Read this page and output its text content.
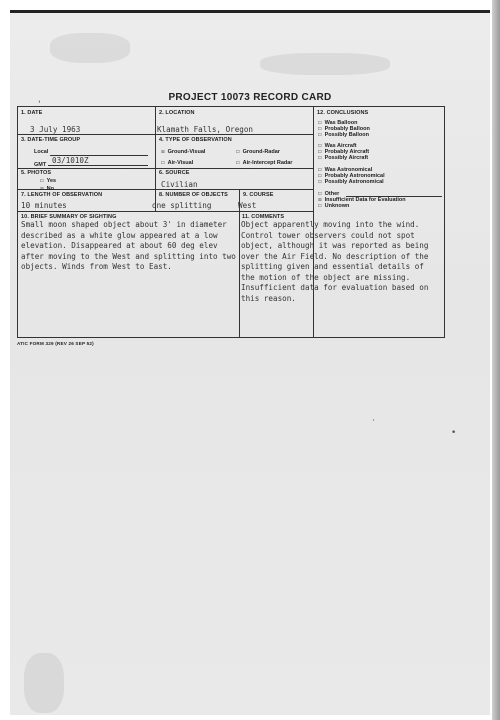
PROJECT 10073 RECORD CARD
1. DATE
3 July 1963
2. LOCATION
Klamath Falls, Oregon
3. DATE-TIME GROUP
Local
GMT 03/1010Z
4. TYPE OF OBSERVATION
☒ Ground-Visual	☐ Ground-Radar
☐ Air-Visual	☐ Air-Intercept Radar
5. PHOTOS
☐ Yes
☒ No
6. SOURCE
Civilian
7. LENGTH OF OBSERVATION
10 minutes
8. NUMBER OF OBJECTS
one splitting
9. COURSE
West
10. BRIEF SUMMARY OF SIGHTING
Small moon shaped object about 3' in diameter described as a white glow appeared at a low elevation. Disappeared at about 60 deg elev after moving to the West and splitting into two objects. Winds from West to East.
11. COMMENTS
Object apparently moving into the wind. Control tower observers could not spot object, although it was reported as being over the Air Field. No description of the splitting given and essential details of the motion of the object are missing. Insufficient data for evaluation based on this reason.
12. CONCLUSIONS
☐ Was Balloon
☐ Probably Balloon
☐ Possibly Balloon
☐ Was Aircraft
☐ Probably Aircraft
☐ Possibly Aircraft
☐ Was Astronomical
☐ Probably Astronomical
☐ Possibly Astronomical
☐ Other
☒ Insufficient Data for Evaluation
☐ Unknown
ATIC FORM 329 (REV 26 SEP 52)
‘
·
•
